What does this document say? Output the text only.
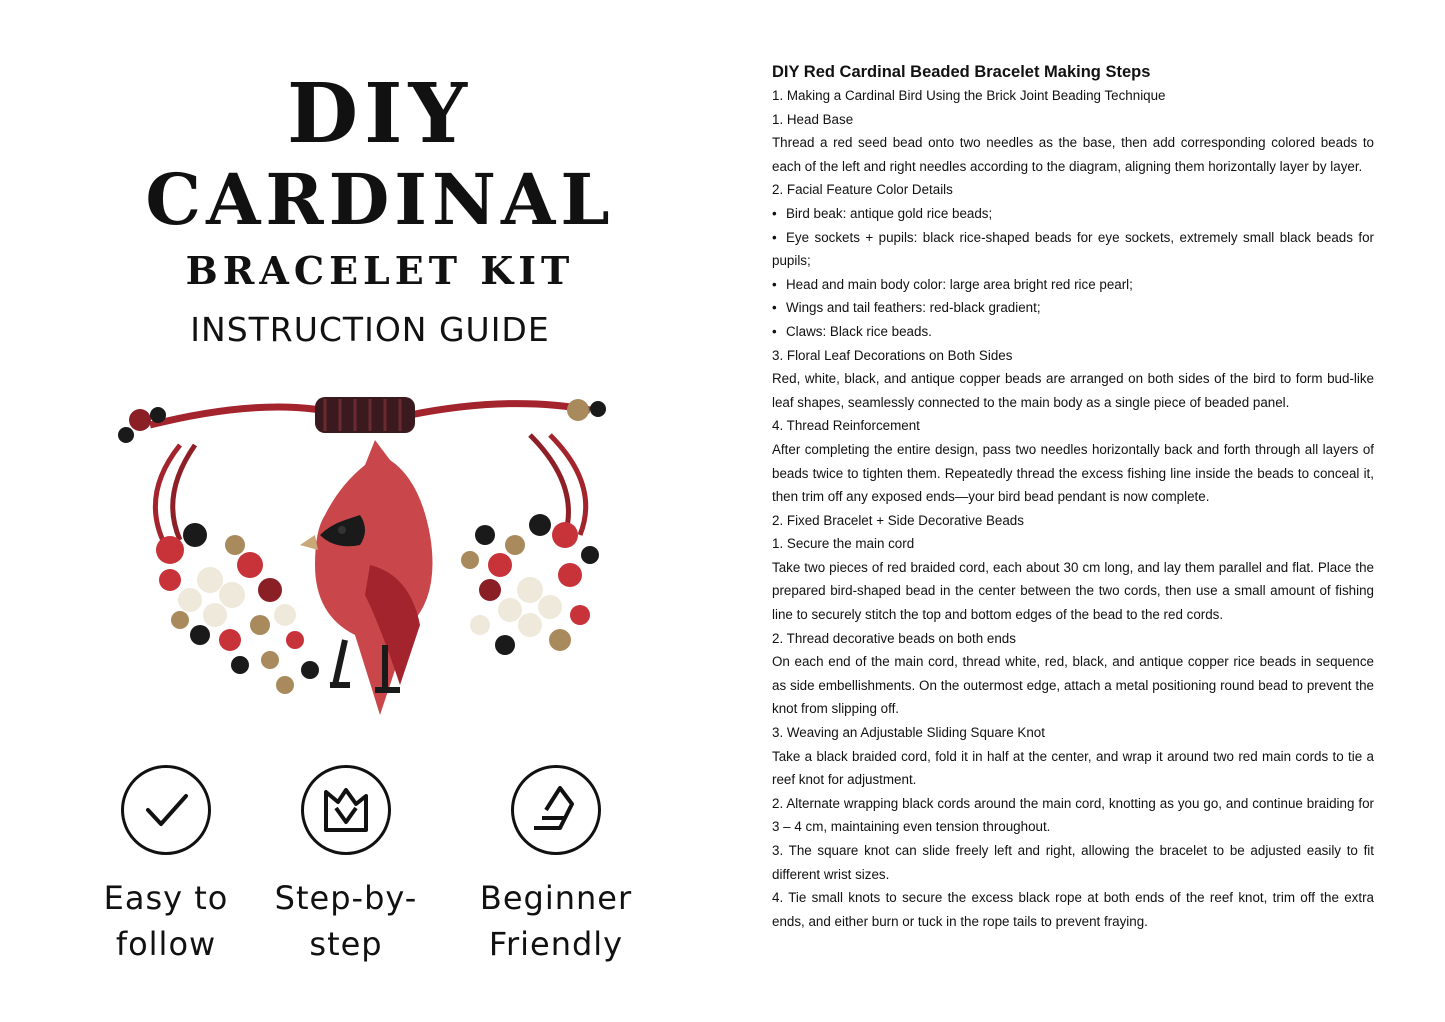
DIY
CARDINAL
BRACELET KIT
INSTRUCTION GUIDE
Easy to
follow
Step-by-
step
Beginner
Friendly

DIY Red Cardinal Beaded Bracelet Making Steps

1. Making a Cardinal Bird Using the Brick Joint Beading Technique

1. Head Base

Thread a red seed bead onto two needles as the base, then add corresponding colored beads to each of the left and right needles according to the diagram, aligning them horizontally layer by layer.

2. Facial Feature Color Details

• Bird beak: antique gold rice beads;

• Eye sockets + pupils: black rice-shaped beads for eye sockets, extremely small black beads for pupils;

• Head and main body color: large area bright red rice pearl;

• Wings and tail feathers: red-black gradient;

• Claws: Black rice beads.

3. Floral Leaf Decorations on Both Sides

Red, white, black, and antique copper beads are arranged on both sides of the bird to form bud-like leaf shapes, seamlessly connected to the main body as a single piece of beaded panel.

4. Thread Reinforcement

After completing the entire design, pass two needles horizontally back and forth through all layers of beads twice to tighten them. Repeatedly thread the excess fishing line inside the beads to conceal it, then trim off any exposed ends—your bird bead pendant is now complete.

2. Fixed Bracelet + Side Decorative Beads

1. Secure the main cord

Take two pieces of red braided cord, each about 30 cm long, and lay them parallel and flat. Place the prepared bird-shaped bead in the center between the two cords, then use a small amount of fishing line to securely stitch the top and bottom edges of the bead to the red cords.

2. Thread decorative beads on both ends

On each end of the main cord, thread white, red, black, and antique copper rice beads in sequence as side embellishments. On the outermost edge, attach a metal positioning round bead to prevent the knot from slipping off.

3. Weaving an Adjustable Sliding Square Knot

Take a black braided cord, fold it in half at the center, and wrap it around two red main cords to tie a reef knot for adjustment.

2. Alternate wrapping black cords around the main cord, knotting as you go, and continue braiding for 3 – 4 cm, maintaining even tension throughout.

3. The square knot can slide freely left and right, allowing the bracelet to be adjusted easily to fit different wrist sizes.

4. Tie small knots to secure the excess black rope at both ends of the reef knot, trim off the extra ends, and either burn or tuck in the rope tails to prevent fraying.
